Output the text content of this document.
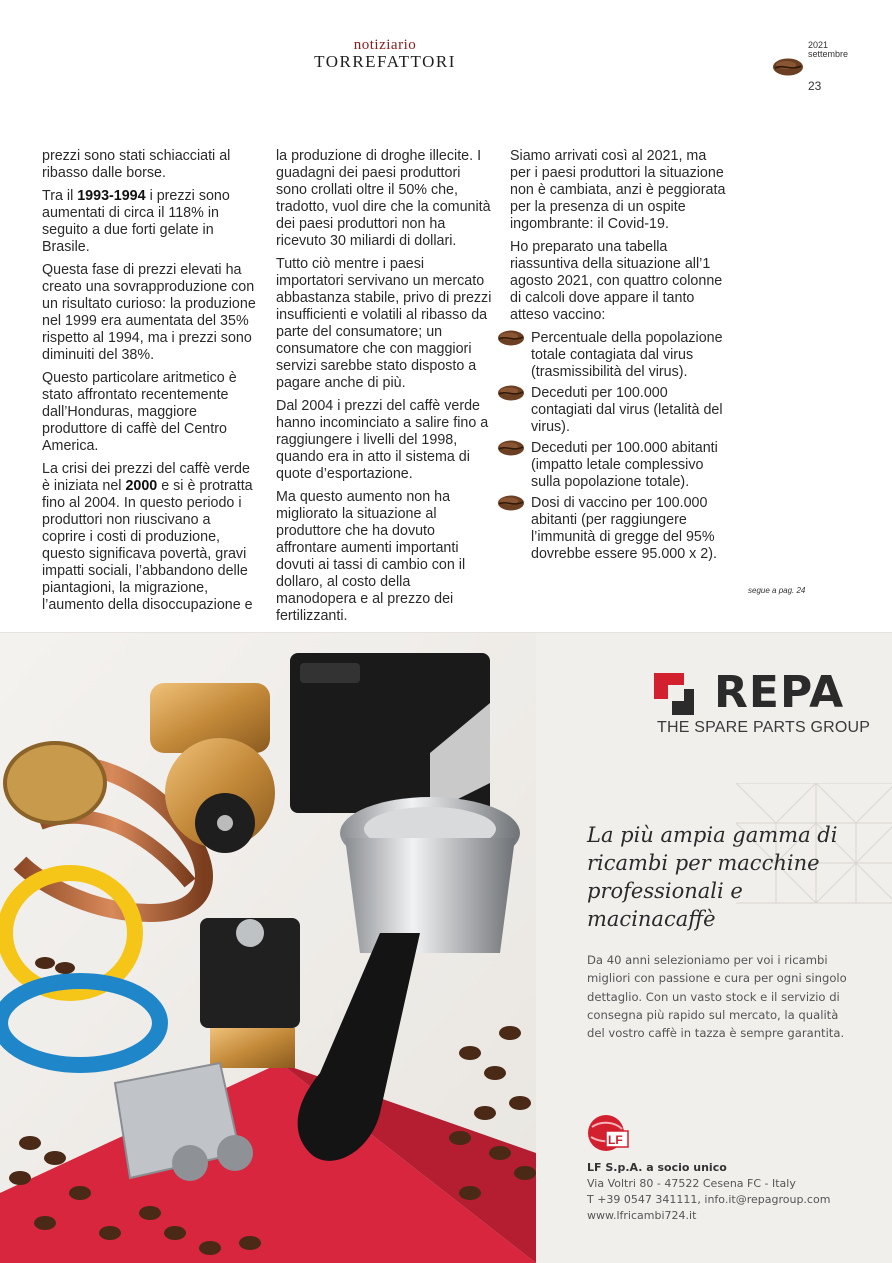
notiziario
TORREFATTORI
2021
settembre
23

prezzi sono stati schiacciati al ribasso dalle borse.

Tra il 1993-1994 i prezzi sono aumentati di circa il 118% in seguito a due forti gelate in Brasile.

Questa fase di prezzi elevati ha creato una sovrapproduzione con un risultato curioso: la produzione nel 1999 era aumentata del 35% rispetto al 1994, ma i prezzi sono diminuiti del 38%.

Questo particolare aritmetico è stato affrontato recentemente dall’Honduras, maggiore produttore di caffè del Centro America.

La crisi dei prezzi del caffè verde è iniziata nel 2000 e si è protratta fino al 2004. In questo periodo i produttori non riuscivano a coprire i costi di produzione, questo significava povertà, gravi impatti sociali, l’abbandono delle piantagioni, la migrazione, l’aumento della disoccupazione e

la produzione di droghe illecite. I guadagni dei paesi produttori sono crollati oltre il 50% che, tradotto, vuol dire che la comunità dei paesi produttori non ha ricevuto 30 miliardi di dollari.

Tutto ciò mentre i paesi importatori servivano un mercato abbastanza stabile, privo di prezzi insufficienti e volatili al ribasso da parte del consumatore; un consumatore che con maggiori servizi sarebbe stato disposto a pagare anche di più.

Dal 2004 i prezzi del caffè verde hanno incominciato a salire fino a raggiungere i livelli del 1998, quando era in atto il sistema di quote d’esportazione.

Ma questo aumento non ha migliorato la situazione al produttore che ha dovuto affrontare aumenti importanti dovuti ai tassi di cambio con il dollaro, al costo della manodopera e al prezzo dei fertilizzanti.

Siamo arrivati così al 2021, ma per i paesi produttori la situazione non è cambiata, anzi è peggiorata per la presenza di un ospite ingombrante: il Covid-19.

Ho preparato una tabella riassuntiva della situazione all’1 agosto 2021, con quattro colonne di calcoli dove appare il tanto atteso vaccino:

Percentuale della popolazione totale contagiata dal virus (trasmissibilità del virus).
Deceduti per 100.000 contagiati dal virus (letalità del virus).
Deceduti per 100.000 abitanti (impatto letale complessivo sulla popolazione totale).
Dosi di vaccino per 100.000 abitanti (per raggiungere l’immunità di gregge del 95% dovrebbe essere 95.000 x 2).
segue a pag. 24
REPA
THE SPARE PARTS GROUP
La più ampia gamma di ricambi per macchine professionali e macinacaffè
Da 40 anni selezioniamo per voi i ricambi migliori con passione e cura per ogni singolo dettaglio. Con un vasto stock e il servizio di consegna più rapido sul mercato, la qualità del vostro caffè in tazza è sempre garantita.
LF
LF S.p.A. a socio unico
Via Voltri 80 - 47522 Cesena FC - Italy
T +39 0547 341111, info.it@repagroup.com
www.lfricambi724.it
